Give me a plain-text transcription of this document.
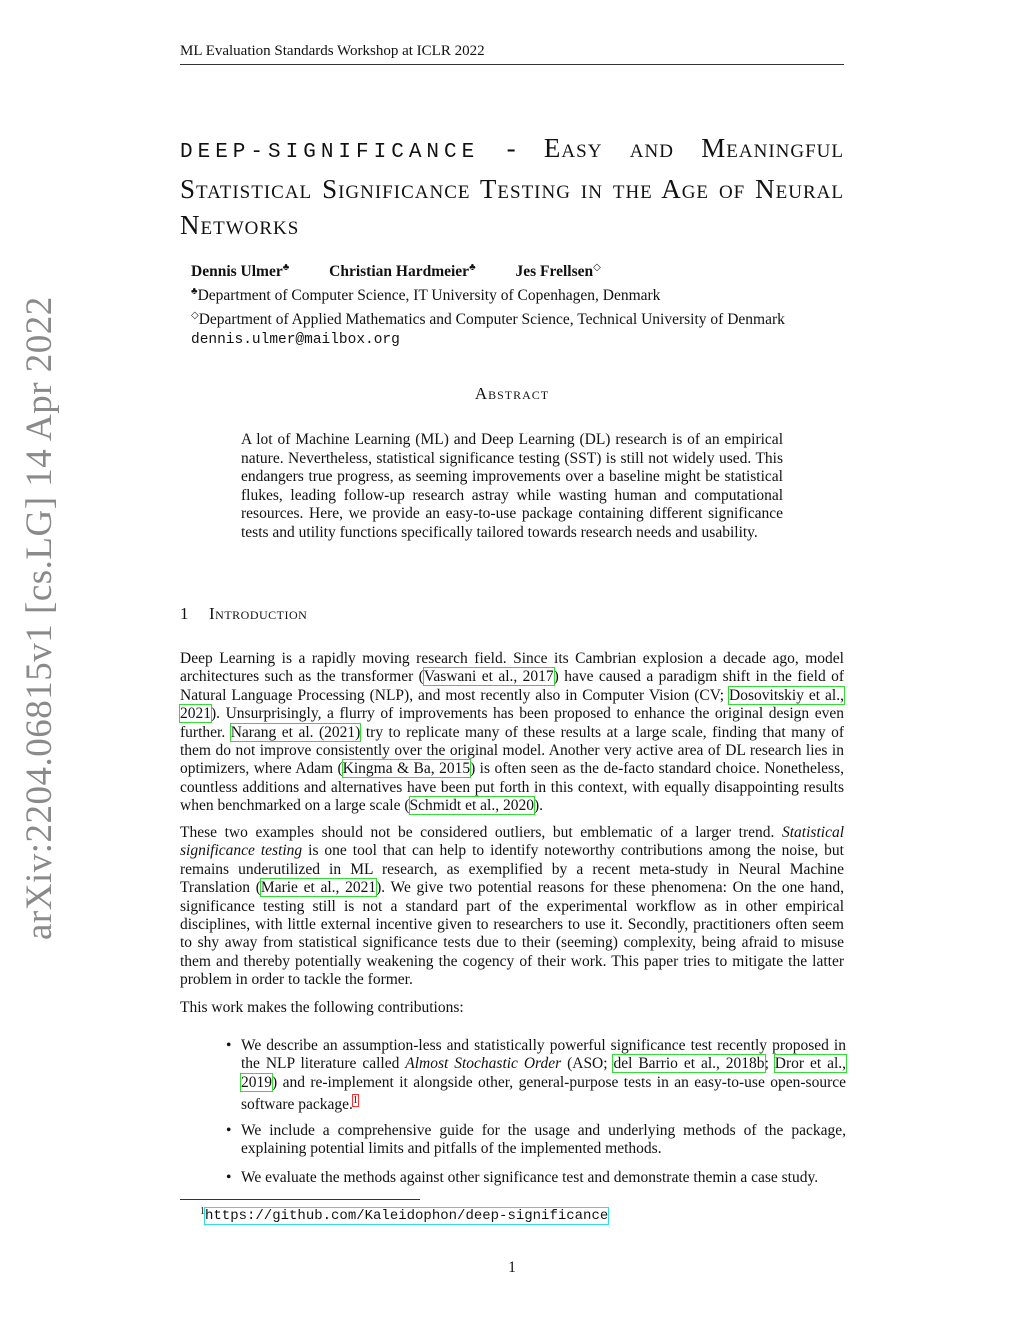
ML Evaluation Standards Workshop at ICLR 2022
arXiv:2204.06815v1 [cs.LG] 14 Apr 2022
DEEP-SIGNIFICANCE - Easy and Meaningful Statistical Significance Testing in the Age of Neural Networks
Dennis Ulmer♣	Christian Hardmeier♣	Jes Frellsen◇
♣Department of Computer Science, IT University of Copenhagen, Denmark
◇Department of Applied Mathematics and Computer Science, Technical University of Denmark
dennis.ulmer@mailbox.org
Abstract
A lot of Machine Learning (ML) and Deep Learning (DL) research is of an empirical nature. Nevertheless, statistical significance testing (SST) is still not widely used. This endangers true progress, as seeming improvements over a baseline might be statistical flukes, leading follow-up research astray while wasting human and computational resources. Here, we provide an easy-to-use package containing different significance tests and utility functions specifically tailored towards research needs and usability.
1 Introduction
Deep Learning is a rapidly moving research field. Since its Cambrian explosion a decade ago, model architectures such as the transformer (Vaswani et al., 2017) have caused a paradigm shift in the field of Natural Language Processing (NLP), and most recently also in Computer Vision (CV; Dosovitskiy et al., 2021). Unsurprisingly, a flurry of improvements has been proposed to enhance the original design even further. Narang et al. (2021) try to replicate many of these results at a large scale, finding that many of them do not improve consistently over the original model. Another very active area of DL research lies in optimizers, where Adam (Kingma & Ba, 2015) is often seen as the de-facto standard choice. Nonetheless, countless additions and alternatives have been put forth in this context, with equally disappointing results when benchmarked on a large scale (Schmidt et al., 2020).
These two examples should not be considered outliers, but emblematic of a larger trend. Statistical significance testing is one tool that can help to identify noteworthy contributions among the noise, but remains underutilized in ML research, as exemplified by a recent meta-study in Neural Machine Translation (Marie et al., 2021). We give two potential reasons for these phenomena: On the one hand, significance testing still is not a standard part of the experimental workflow as in other empirical disciplines, with little external incentive given to researchers to use it. Secondly, practitioners often seem to shy away from statistical significance tests due to their (seeming) complexity, being afraid to misuse them and thereby potentially weakening the cogency of their work. This paper tries to mitigate the latter problem in order to tackle the former.
This work makes the following contributions:
• We describe an assumption-less and statistically powerful significance test recently proposed in the NLP literature called Almost Stochastic Order (ASO; del Barrio et al., 2018b; Dror et al., 2019) and re-implement it alongside other, general-purpose tests in an easy-to-use open-source software package.$^1$
• We include a comprehensive guide for the usage and underlying methods of the package, explaining potential limits and pitfalls of the implemented methods.
• We evaluate the methods against other significance test and demonstrate themin a case study.
$^1$https://github.com/Kaleidophon/deep-significance
1
